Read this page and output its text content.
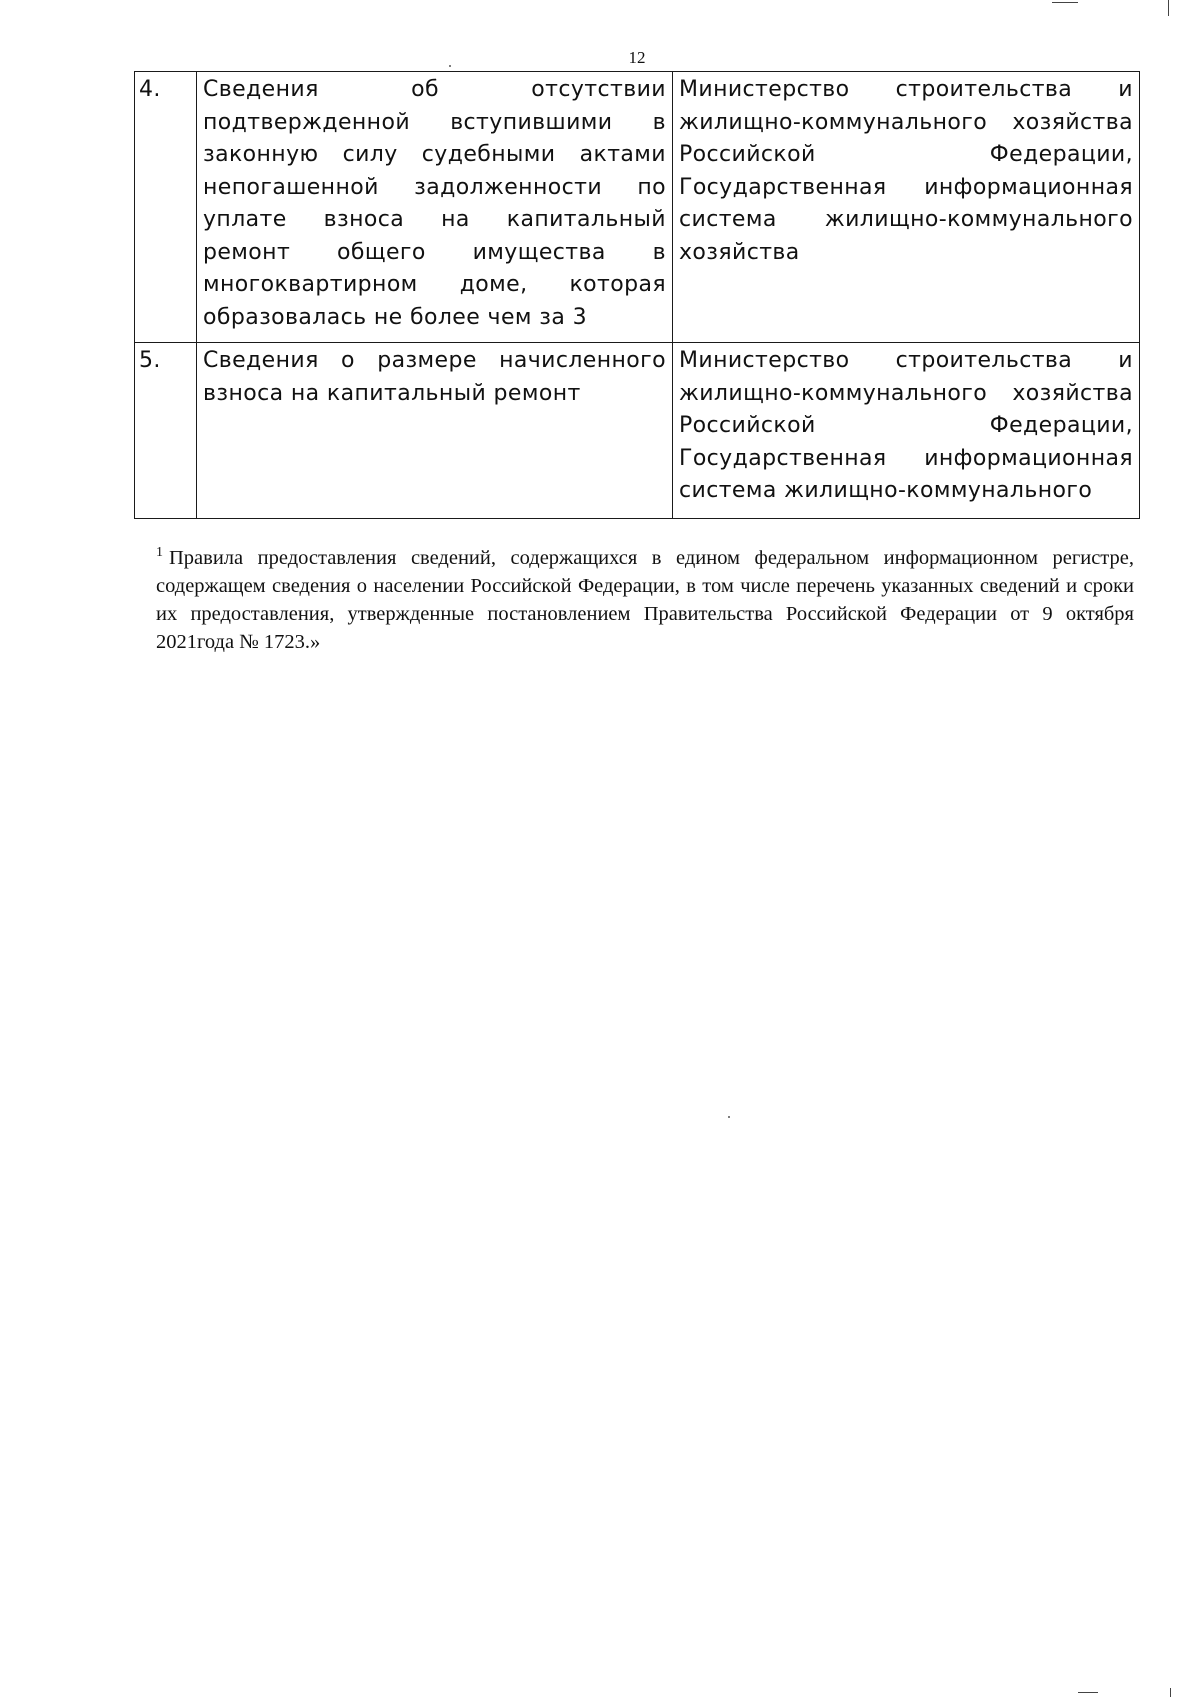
12
4.	Сведения об отсутствии подтвержденной вступившими в законную силу судебными актами непогашенной задолженности по уплате взноса на капитальный ремонт общего имущества в многоквартирном доме, которая образовалась не более чем за 3	Министерство строительства и жилищно-коммунального хозяйства Российской Федерации, Государственная информационная система жилищно-коммунального хозяйства
5.	Сведения о размере начисленного взноса на капитальный ремонт	Министерство строительства и жилищно-коммунального хозяйства Российской Федерации, Государственная информационная система жилищно-коммунального
$^1$ Правила предоставления сведений, содержащихся в едином федеральном информационном регистре, содержащем сведения о населении Российской Федерации, в том числе перечень указанных сведений и сроки их предоставления, утвержденные постановлением Правительства Российской Федерации от 9 октября 2021года № 1723.»
